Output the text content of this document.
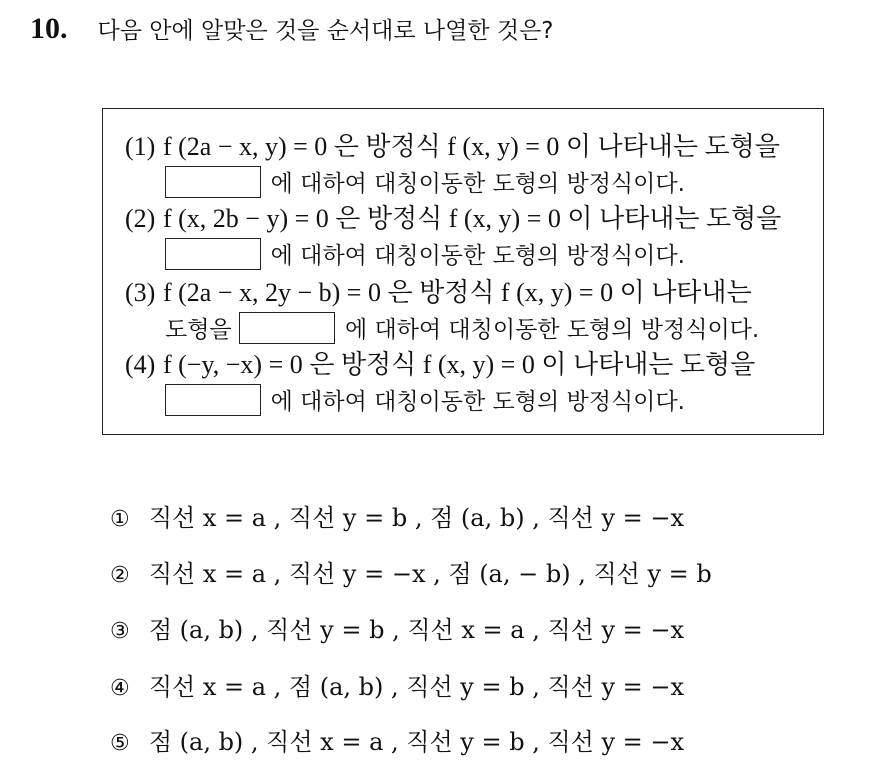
10. 다음 안에 알맞은 것을 순서대로 나열한 것은?
(1) f (2a − x, y) = 0 은 방정식 f (x, y) = 0 이 나타내는 도형을
에 대하여 대칭이동한 도형의 방정식이다.
(2) f (x, 2b − y) = 0 은 방정식 f (x, y) = 0 이 나타내는 도형을
에 대하여 대칭이동한 도형의 방정식이다.
(3) f (2a − x, 2y − b) = 0 은 방정식 f (x, y) = 0 이 나타내는
도형을	에 대하여 대칭이동한 도형의 방정식이다.
(4) f (−y, −x) = 0 은 방정식 f (x, y) = 0 이 나타내는 도형을
에 대하여 대칭이동한 도형의 방정식이다.
① 직선 x = a , 직선 y = b , 점 (a, b) , 직선 y = −x
② 직선 x = a , 직선 y = −x , 점 (a, − b) , 직선 y = b
③ 점 (a, b) , 직선 y = b , 직선 x = a , 직선 y = −x
④ 직선 x = a , 점 (a, b) , 직선 y = b , 직선 y = −x
⑤ 점 (a, b) , 직선 x = a , 직선 y = b , 직선 y = −x
